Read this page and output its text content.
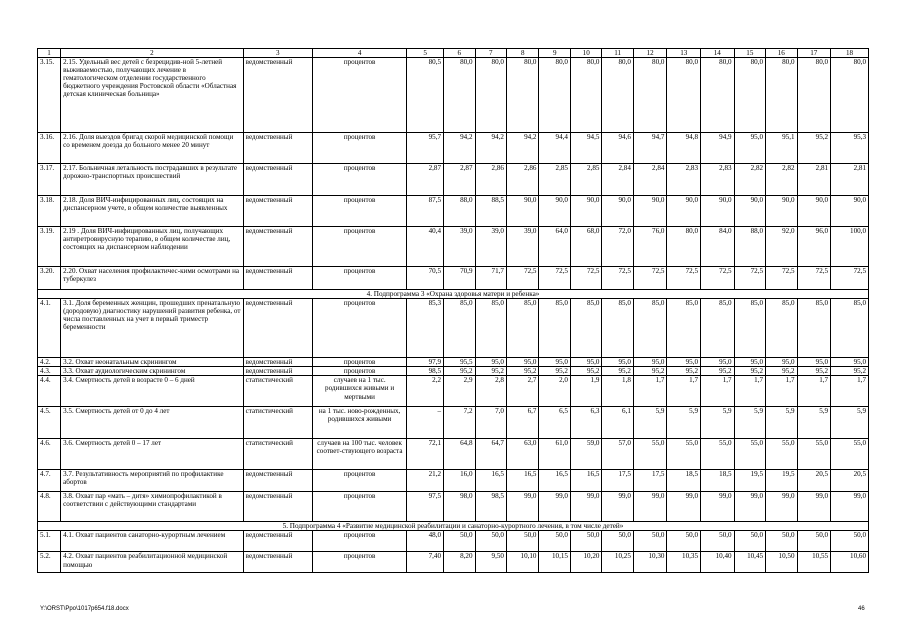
1	2	3	4	5	6	7	8	9	10	11	12	13	14	15	16	17	18
3.15.	2.15. Удельный вес детей с безрецидив-ной 5-летней выживаемостью, получающих лечение в гематологическом отделении государственного бюджетного учреждения Ростовской области «Областная детская клиническая больница»	ведомственный	процентов	80,5	80,0	80,0	80,0	80,0	80,0	80,0	80,0	80,0	80,0	80,0	80,0	80,0	80,0
3.16.	2.16. Доля выездов бригад скорой медицинской помощи со временем доезда до больного менее 20 минут	ведомственный	процентов	95,7	94,2	94,2	94,2	94,4	94,5	94,6	94,7	94,8	94,9	95,0	95,1	95,2	95,3
3.17.	2.17. Больничная летальность пострадавших в результате дорожно-транспортных происшествий	ведомственный	процентов	2,87	2,87	2,86	2,86	2,85	2,85	2,84	2,84	2,83	2,83	2,82	2,82	2,81	2,81
3.18.	2.18. Доля ВИЧ-инфицированных лиц, состоящих на диспансерном учете, в общем количестве выявленных	ведомственный	процентов	87,5	88,0	88,5	90,0	90,0	90,0	90,0	90,0	90,0	90,0	90,0	90,0	90,0	90,0
3.19.	2.19 . Доля ВИЧ-инфицированных лиц, получающих антиретровирусную терапию, в общем количестве лиц, состоящих на диспансерном наблюдении	ведомственный	процентов	40,4	39,0	39,0	39,0	64,0	68,0	72,0	76,0	80,0	84,0	88,0	92,0	96,0	100,0
3.20.	2.20. Охват населения профилактичес-кими осмотрами на туберкулез	ведомственный	процентов	70,5	70,9	71,7	72,5	72,5	72,5	72,5	72,5	72,5	72,5	72,5	72,5	72,5	72,5
4. Подпрограмма 3 «Охрана здоровья матери и ребенка»																	
4.1.	3.1. Доля беременных женщин, прошедших пренатальную (дородовую) диагностику нарушений развития ребенка, от числа поставленных на учет в первый триместр беременности	ведомственный	процентов	85,3	85,0	85,0	85,0	85,0	85,0	85,0	85,0	85,0	85,0	85,0	85,0	85,0	85,0
4.2.	3.2. Охват неонатальным скринингом	ведомственный	процентов	97,9	95,5	95,0	95,0	95,0	95,0	95,0	95,0	95,0	95,0	95,0	95,0	95,0	95,0
4.3.	3.3. Охват аудиологическим скринингом	ведомственный	процентов	98,5	95,2	95,2	95,2	95,2	95,2	95,2	95,2	95,2	95,2	95,2	95,2	95,2	95,2
4.4.	3.4. Смертность детей в возрасте 0 – 6 дней	статистический	случаев на 1 тыс. родившихся живыми и мертвыми	2,2	2,9	2,8	2,7	2,0	1,9	1,8	1,7	1,7	1,7	1,7	1,7	1,7	1,7
4.5.	3.5. Смертность детей от 0 до 4 лет	статистический	на 1 тыс. ново-рожденных, родившихся живыми	–	7,2	7,0	6,7	6,5	6,3	6,1	5,9	5,9	5,9	5,9	5,9	5,9	5,9
4.6.	3.6. Смертность детей 0 – 17 лет	статистический	случаев на 100 тыс. человек соответ-ствующего возраста	72,1	64,8	64,7	63,0	61,0	59,0	57,0	55,0	55,0	55,0	55,0	55,0	55,0	55,0
4.7.	3.7. Результативность мероприятий по профилактике абортов	ведомственный	процентов	21,2	16,0	16,5	16,5	16,5	16,5	17,5	17,5	18,5	18,5	19,5	19,5	20,5	20,5
4.8.	3.8. Охват пар «мать – дитя» химиопрофилактикой в соответствии с действующими стандартами	ведомственный	процентов	97,5	98,0	98,5	99,0	99,0	99,0	99,0	99,0	99,0	99,0	99,0	99,0	99,0	99,0
5. Подпрограмма 4 «Развитие медицинской реабилитации и санаторно-курортного лечения, в том числе детей»																	
5.1.	4.1. Охват пациентов санаторно-курортным лечением	ведомственный	процентов	48,0	50,0	50,0	50,0	50,0	50,0	50,0	50,0	50,0	50,0	50,0	50,0	50,0	50,0
5.2.	4.2. Охват пациентов реабилитационной медицинской помощью	ведомственный	процентов	7,40	8,20	9,50	10,10	10,15	10,20	10,25	10,30	10,35	10,40	10,45	10,50	10,55	10,60
Y:\ORST\Ppo\1017p654.f18.docx	46
